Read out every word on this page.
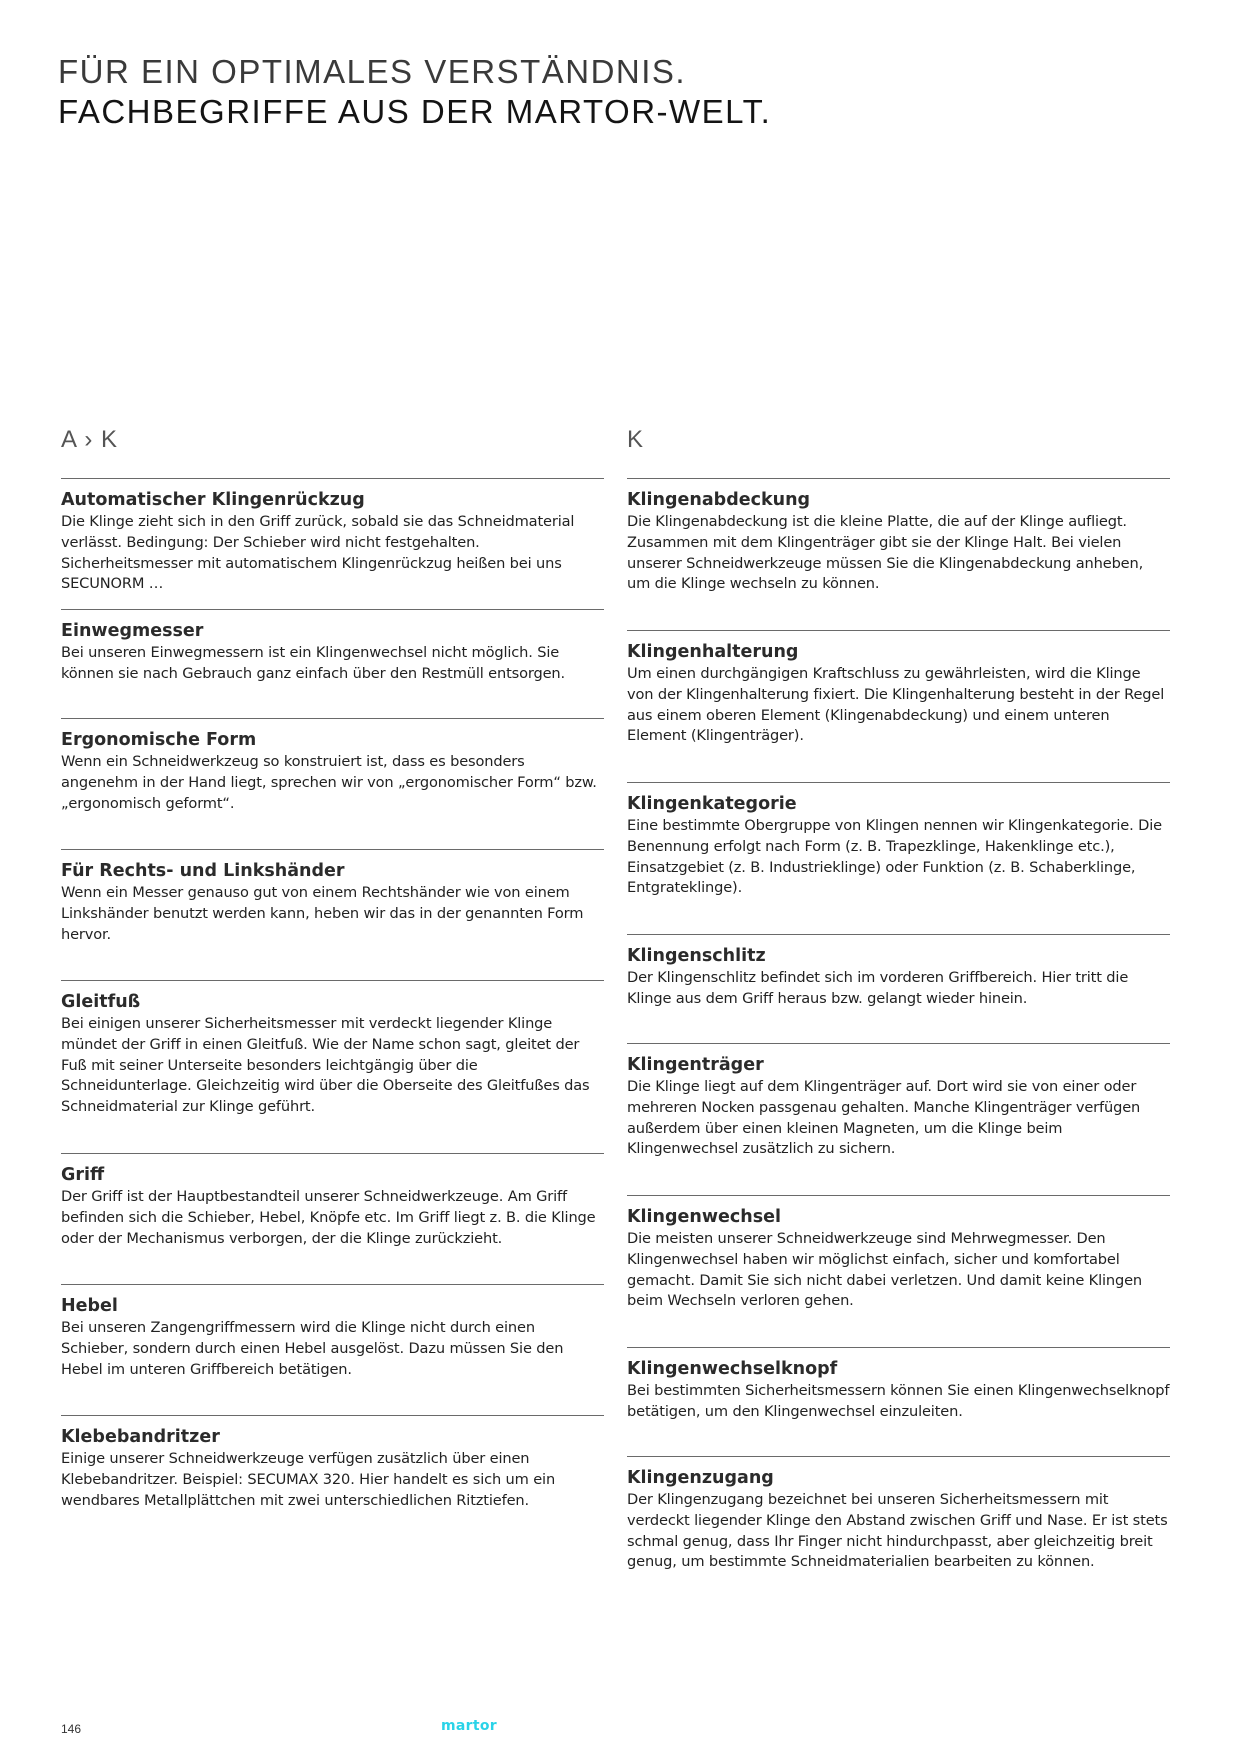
FÜR EIN OPTIMALES VERSTÄNDNIS.
FACHBEGRIFFE AUS DER MARTOR-WELT.
A › K
Automatischer Klingenrückzug

Die Klinge zieht sich in den Griff zurück, sobald sie das Schneidmaterial verlässt. Bedingung: Der Schieber wird nicht festgehalten. Sicherheitsmesser mit automatischem Klingenrückzug heißen bei uns SECUNORM …

Einwegmesser

Bei unseren Einwegmessern ist ein Klingenwechsel nicht möglich. Sie können sie nach Gebrauch ganz einfach über den Restmüll entsorgen.

Ergonomische Form

Wenn ein Schneidwerkzeug so konstruiert ist, dass es besonders angenehm in der Hand liegt, sprechen wir von „ergonomischer Form“ bzw. „ergonomisch geformt“.

Für Rechts- und Linkshänder

Wenn ein Messer genauso gut von einem Rechtshänder wie von einem Linkshänder benutzt werden kann, heben wir das in der genannten Form hervor.

Gleitfuß

Bei einigen unserer Sicherheitsmesser mit verdeckt liegender Klinge mündet der Griff in einen Gleitfuß. Wie der Name schon sagt, gleitet der Fuß mit seiner Unterseite besonders leichtgängig über die Schneidunterlage. Gleichzeitig wird über die Oberseite des Gleitfußes das Schneidmaterial zur Klinge geführt.

Griff

Der Griff ist der Hauptbestandteil unserer Schneidwerkzeuge. Am Griff befinden sich die Schieber, Hebel, Knöpfe etc. Im Griff liegt z. B. die Klinge oder der Mechanismus verborgen, der die Klinge zurückzieht.

Hebel

Bei unseren Zangengriffmessern wird die Klinge nicht durch einen Schieber, sondern durch einen Hebel ausgelöst. Dazu müssen Sie den Hebel im unteren Griffbereich betätigen.

Klebebandritzer

Einige unserer Schneidwerkzeuge verfügen zusätzlich über einen Klebebandritzer. Beispiel: SECUMAX 320. Hier handelt es sich um ein wendbares Metallplättchen mit zwei unterschiedlichen Ritztiefen.

K
Klingenabdeckung

Die Klingenabdeckung ist die kleine Platte, die auf der Klinge aufliegt. Zusammen mit dem Klingenträger gibt sie der Klinge Halt. Bei vielen unserer Schneidwerkzeuge müssen Sie die Klingenabdeckung anheben, um die Klinge wechseln zu können.

Klingenhalterung

Um einen durchgängigen Kraftschluss zu gewährleisten, wird die Klinge von der Klingenhalterung fixiert. Die Klingenhalterung besteht in der Regel aus einem oberen Element (Klingenabdeckung) und einem unteren Element (Klingenträger).

Klingenkategorie

Eine bestimmte Obergruppe von Klingen nennen wir Klingenkategorie. Die Benennung erfolgt nach Form (z. B. Trapezklinge, Hakenklinge etc.), Einsatzgebiet (z. B. Industrieklinge) oder Funktion (z. B. Schaberklinge, Entgrateklinge).

Klingenschlitz

Der Klingenschlitz befindet sich im vorderen Griffbereich. Hier tritt die Klinge aus dem Griff heraus bzw. gelangt wieder hinein.

Klingenträger

Die Klinge liegt auf dem Klingenträger auf. Dort wird sie von einer oder mehreren Nocken passgenau gehalten. Manche Klingenträger verfügen außerdem über einen kleinen Magneten, um die Klinge beim Klingenwechsel zusätzlich zu sichern.

Klingenwechsel

Die meisten unserer Schneidwerkzeuge sind Mehrwegmesser. Den Klingenwechsel haben wir möglichst einfach, sicher und komfortabel gemacht. Damit Sie sich nicht dabei verletzen. Und damit keine Klingen beim Wechseln verloren gehen.

Klingenwechselknopf

Bei bestimmten Sicherheitsmessern können Sie einen Klingenwechselknopf betätigen, um den Klingenwechsel einzuleiten.

Klingenzugang

Der Klingenzugang bezeichnet bei unseren Sicherheitsmessern mit verdeckt liegender Klinge den Abstand zwischen Griff und Nase. Er ist stets schmal genug, dass Ihr Finger nicht hindurchpasst, aber gleichzeitig breit genug, um bestimmte Schneidmaterialien bearbeiten zu können.

146	martor
